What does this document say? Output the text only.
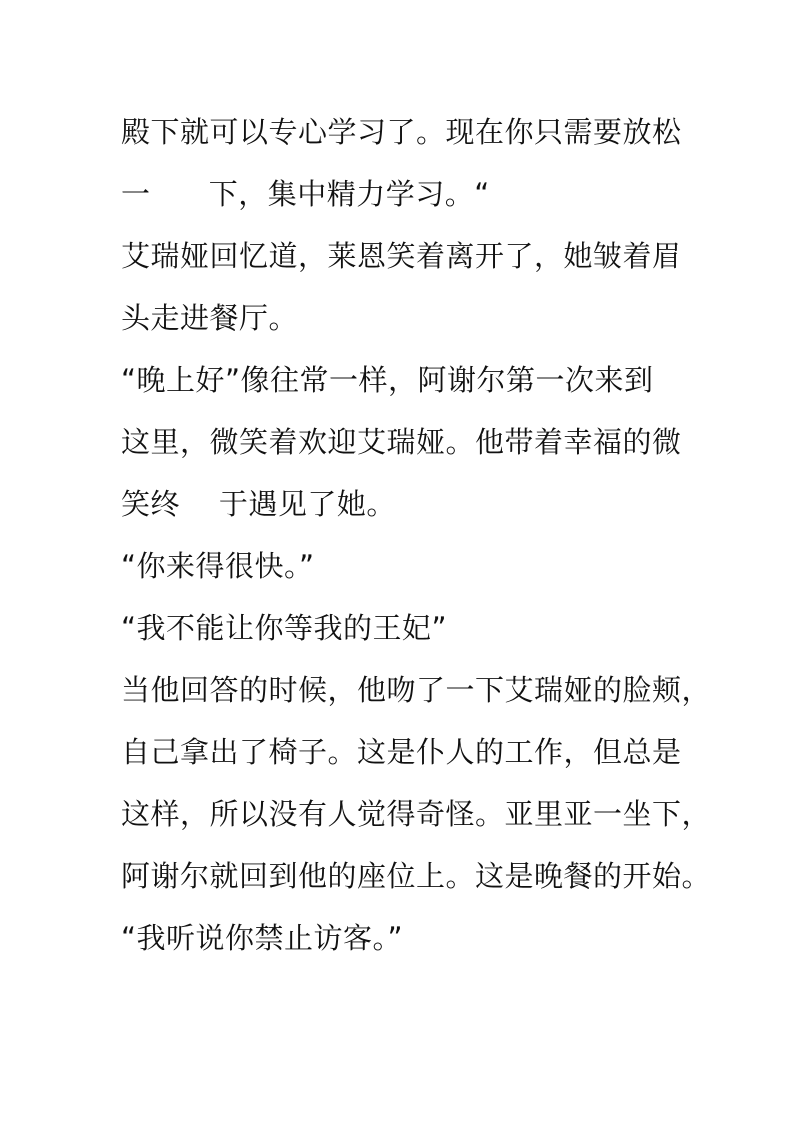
殿下就可以专心学习了。现在你只需要放松
一      下，集中精力学习。“
艾瑞娅回忆道，莱恩笑着离开了，她皱着眉
头走进餐厅。
“晚上好”像往常一样，阿谢尔第一次来到
这里，微笑着欢迎艾瑞娅。他带着幸福的微
笑终    于遇见了她。
“你来得很快。”
“我不能让你等我的王妃”
当他回答的时候，他吻了一下艾瑞娅的脸颊，
自己拿出了椅子。这是仆人的工作，但总是
这样，所以没有人觉得奇怪。亚里亚一坐下，
阿谢尔就回到他的座位上。这是晚餐的开始。
“我听说你禁止访客。”
